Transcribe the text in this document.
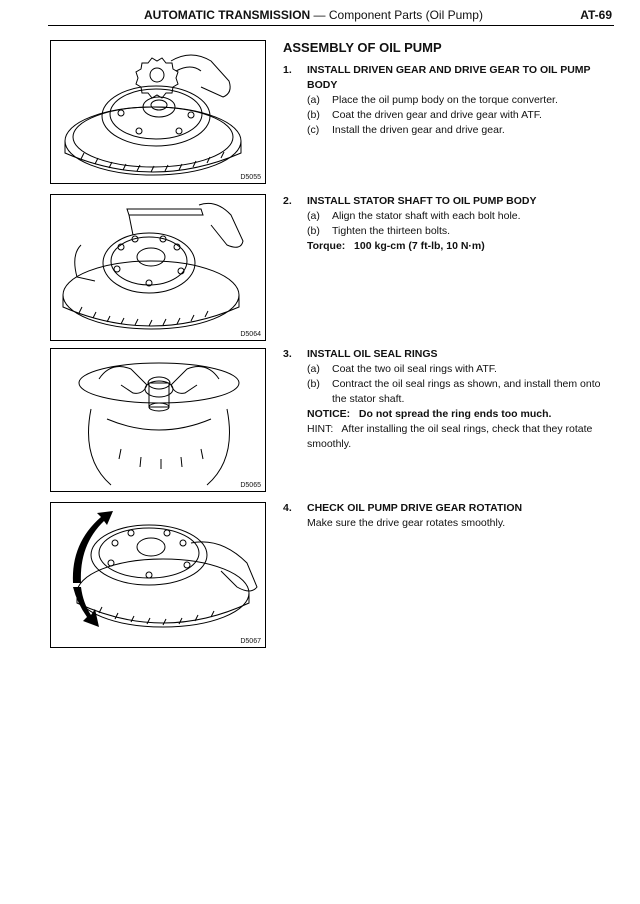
AUTOMATIC TRANSMISSION — Component Parts (Oil Pump)	AT-69
D5055
D5064
D5065
D5067
ASSEMBLY OF OIL PUMP
1.	INSTALL DRIVEN GEAR AND DRIVE GEAR TO OIL PUMP BODY
(a)	Place the oil pump body on the torque converter.
(b)	Coat the driven gear and drive gear with ATF.
(c)	Install the driven gear and drive gear.
2.	INSTALL STATOR SHAFT TO OIL PUMP BODY
(a)	Align the stator shaft with each bolt hole.
(b)	Tighten the thirteen bolts.
Torque:   100 kg-cm (7 ft-lb, 10 N·m)
3.	INSTALL OIL SEAL RINGS
(a)	Coat the two oil seal rings with ATF.
(b)	Contract the oil seal rings as shown, and install them onto the stator shaft.
NOTICE:   Do not spread the ring ends too much.
HINT:   After installing the oil seal rings, check that they rotate smoothly.
4.	CHECK OIL PUMP DRIVE GEAR ROTATION
Make sure the drive gear rotates smoothly.
